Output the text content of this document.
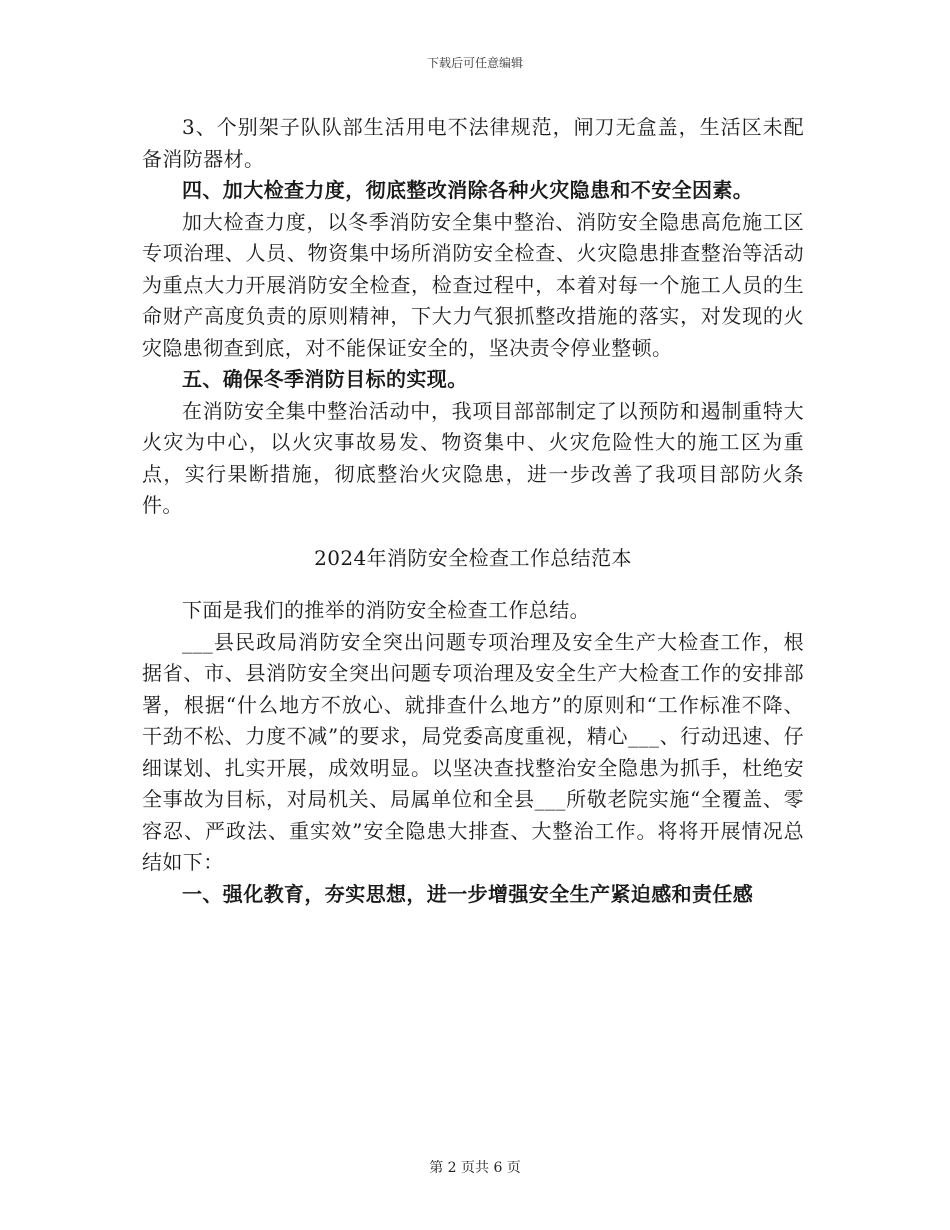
下载后可任意编辑

3、个别架子队队部生活用电不法律规范，闸刀无盒盖，生活区未配备消防器材。

四、加大检查力度，彻底整改消除各种火灾隐患和不安全因素。

加大检查力度，以冬季消防安全集中整治、消防安全隐患高危施工区专项治理、人员、物资集中场所消防安全检查、火灾隐患排查整治等活动为重点大力开展消防安全检查，检查过程中，本着对每一个施工人员的生命财产高度负责的原则精神，下大力气狠抓整改措施的落实，对发现的火灾隐患彻查到底，对不能保证安全的，坚决责令停业整顿。

五、确保冬季消防目标的实现。

在消防安全集中整治活动中，我项目部部制定了以预防和遏制重特大火灾为中心，以火灾事故易发、物资集中、火灾危险性大的施工区为重点，实行果断措施，彻底整治火灾隐患，进一步改善了我项目部防火条件。

2024年消防安全检查工作总结范本

下面是我们的推举的消防安全检查工作总结。

___县民政局消防安全突出问题专项治理及安全生产大检查工作，根据省、市、县消防安全突出问题专项治理及安全生产大检查工作的安排部署，根据“什么地方不放心、就排查什么地方”的原则和“工作标准不降、干劲不松、力度不减”的要求，局党委高度重视，精心___、行动迅速、仔细谋划、扎实开展，成效明显。以坚决查找整治安全隐患为抓手，杜绝安全事故为目标，对局机关、局属单位和全县___所敬老院实施“全覆盖、零容忍、严政法、重实效”安全隐患大排查、大整治工作。将将开展情况总结如下：

一、强化教育，夯实思想，进一步增强安全生产紧迫感和责任感

第 2 页共 6 页
